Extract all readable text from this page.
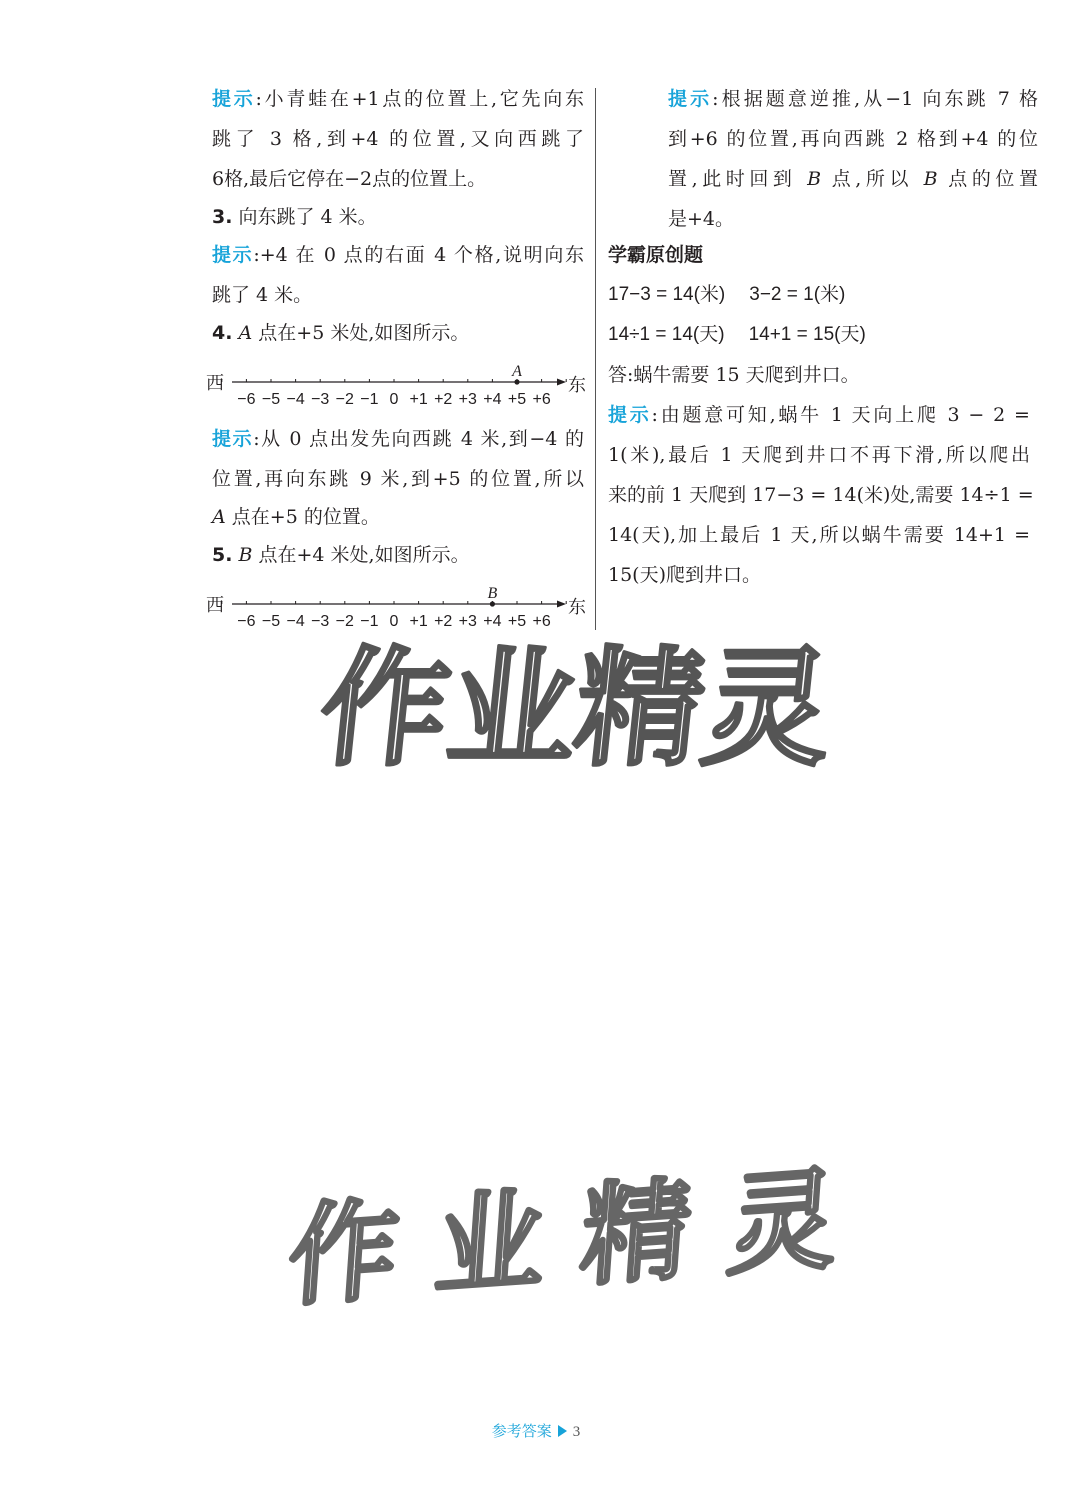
提示:小青蛙在+1点的位置上,它先向东
跳了 3 格,到+4 的位置,又向西跳了
6格,最后它停在−2点的位置上。
3. 向东跳了 4 米。
提示:+4 在 0 点的右面 4 个格,说明向东
跳了 4 米。
4. A 点在+5 米处,如图所示。
提示:从 0 点出发先向西跳 4 米,到−4 的
位置,再向东跳 9 米,到+5 的位置,所以
A 点在+5 的位置。
5. B 点在+4 米处,如图所示。
西	东
−6 −5 −4 −3 −2 −1 0 +1 +2 +3 +4 +5 +6
A
西	东
−6 −5 −4 −3 −2 −1 0 +1 +2 +3 +4 +5 +6
B
提示:根据题意逆推,从−1 向东跳 7 格
到+6 的位置,再向西跳 2 格到+4 的位
置,此时回到 B 点,所以 B 点的位置
是+4。
学霸原创题
17−3 = 14(米) 3−2 = 1(米)
14÷1 = 14(天) 14+1 = 15(天)
答:蜗牛需要 15 天爬到井口。
提示:由题意可知,蜗牛 1 天向上爬 3 − 2 =
1(米),最后 1 天爬到井口不再下滑,所以爬出
来的前 1 天爬到 17−3 = 14(米)处,需要 14÷1 =
14(天),加上最后 1 天,所以蜗牛需要 14+1 =
15(天)爬到井口。
作业精灵
作业精灵
参考答案 3
